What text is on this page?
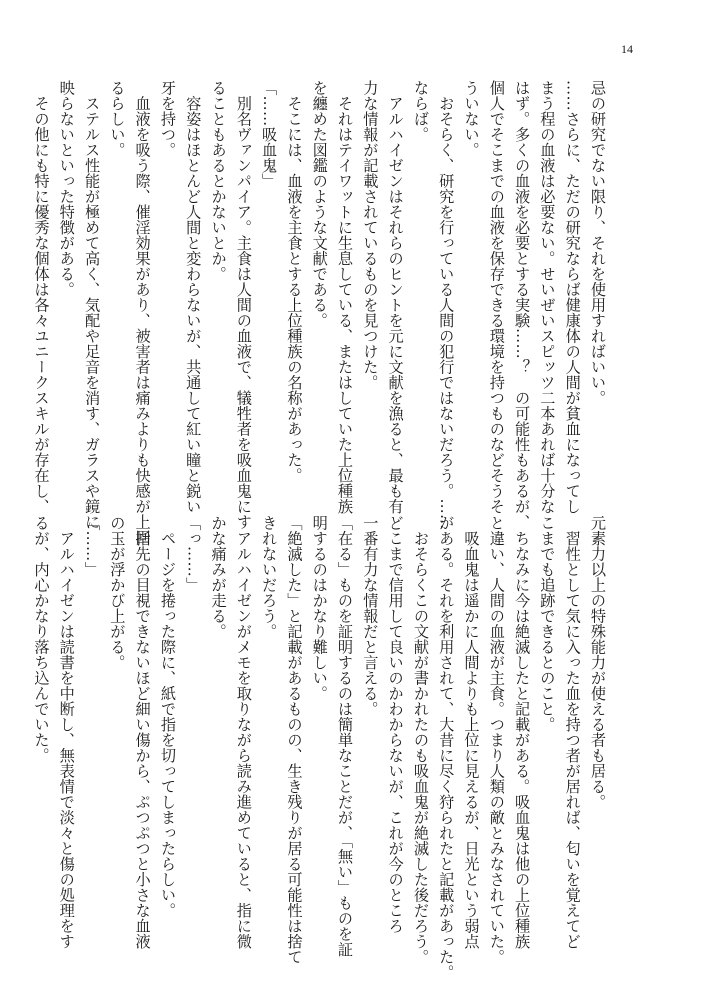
14
忌の研究でない限り、それを使用すればいい。
……さらに、ただの研究ならば健康体の人間が貧血になってし
まう程の血液は必要ない。せいぜいスピッツ二本あれば十分な
はず。多くの血液を必要とする実験……？　の可能性もあるが、
個人でそこまでの血液を保存できる環境を持つものなどそうそ
ういない。
　おそらく、研究を行っている人間の犯行ではないだろう。……
ならば。
　アルハイゼンはそれらのヒントを元に文献を漁ると、最も有
力な情報が記載されているものを見つけた。
　それはテイワットに生息している、またはしていた上位種族
を纏めた図鑑のような文献である。
　そこには、血液を主食とする上位種族の名称があった。
「……吸血鬼」
　別名ヴァンパイア。主食は人間の血液で、犠牲者を吸血鬼にす
ることもあるとかないとか。
　容姿はほとんど人間と変わらないが、共通して紅い瞳と鋭い
牙を持つ。
　血液を吸う際、催淫効果があり、被害者は痛みよりも快感が上回
るらしい。
　ステルス性能が極めて高く、気配や足音を消す、ガラスや鏡に
映らないといった特徴がある。
　その他にも特に優秀な個体は各々ユニークスキルが存在し、
元素力以上の特殊能力が使える者も居る。
　習性として気に入った血を持つ者が居れば、匂いを覚えてど
こまでも追跡できるとのこと。
　ちなみに今は絶滅したと記載がある。吸血鬼は他の上位種族
と違い、人間の血液が主食。つまり人類の敵とみなされていた。
　吸血鬼は遥かに人間よりも上位に見えるが、日光という弱点
がある。それを利用されて、大昔に尽く狩られたと記載があった。
　おそらくこの文献が書かれたのも吸血鬼が絶滅した後だろう。
どこまで信用して良いのかわからないが、これが今のところ
一番有力な情報だと言える。
「在る」ものを証明するのは簡単なことだが、「無い」ものを証
明するのはかなり難しい。
「絶滅した」と記載があるものの、生き残りが居る可能性は捨て
きれないだろう。
　アルハイゼンがメモを取りながら読み進めていると、指に微
かな痛みが走る。
「っ……」
　ページを捲った際に、紙で指を切ってしまったらしい。
　指先の目視できないほど細い傷から、ぷつぷつと小さな血液
の玉が浮かび上がる。
「……」
　アルハイゼンは読書を中断し、無表情で淡々と傷の処理をす
るが、内心かなり落ち込んでいた。
